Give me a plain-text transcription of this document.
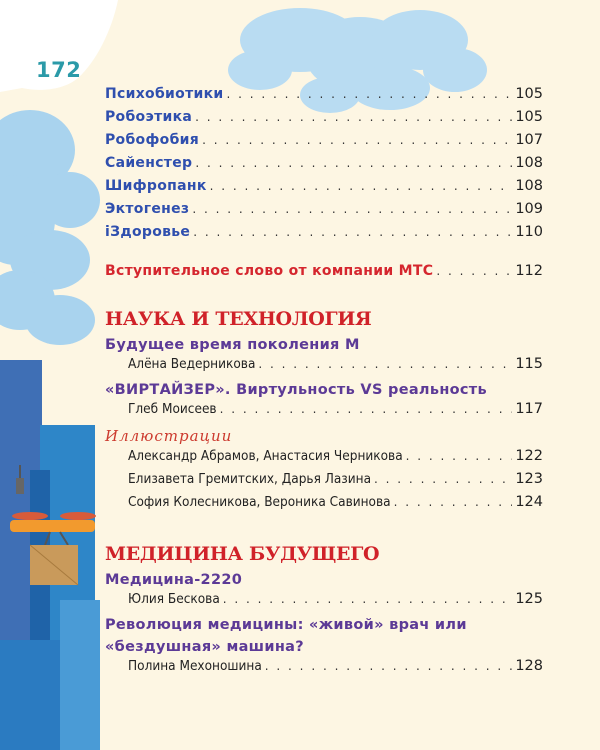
172
Психобиотики . . .	105
Робоэтика . . .	105
Робофобия . . .	107
Сайенстер . . .	108
Шифропанк . . .	108
Эктогенез . . .	109
iЗдоровье . . .	110
Вступительное слово от компании МТС . . .	112
НАУКА И ТЕХНОЛОГИЯ
Будущее время поколения М
Алёна Ведерникова . . .	115
«ВИРТАЙЗЕР». Виртульность VS реальность
Глеб Моисеев . . .	117
Иллюстрации
Александр Абрамов, Анастасия Черникова . . .	122
Елизавета Гремитских, Дарья Лазина . . .	123
София Колесникова, Вероника Савинова . . .	124
МЕДИЦИНА БУДУЩЕГО
Медицина-2220
Юлия Бескова . . .	125
Революция медицины: «живой» врач или
«бездушная» машина?
Полина Мехоношина . . .	128
